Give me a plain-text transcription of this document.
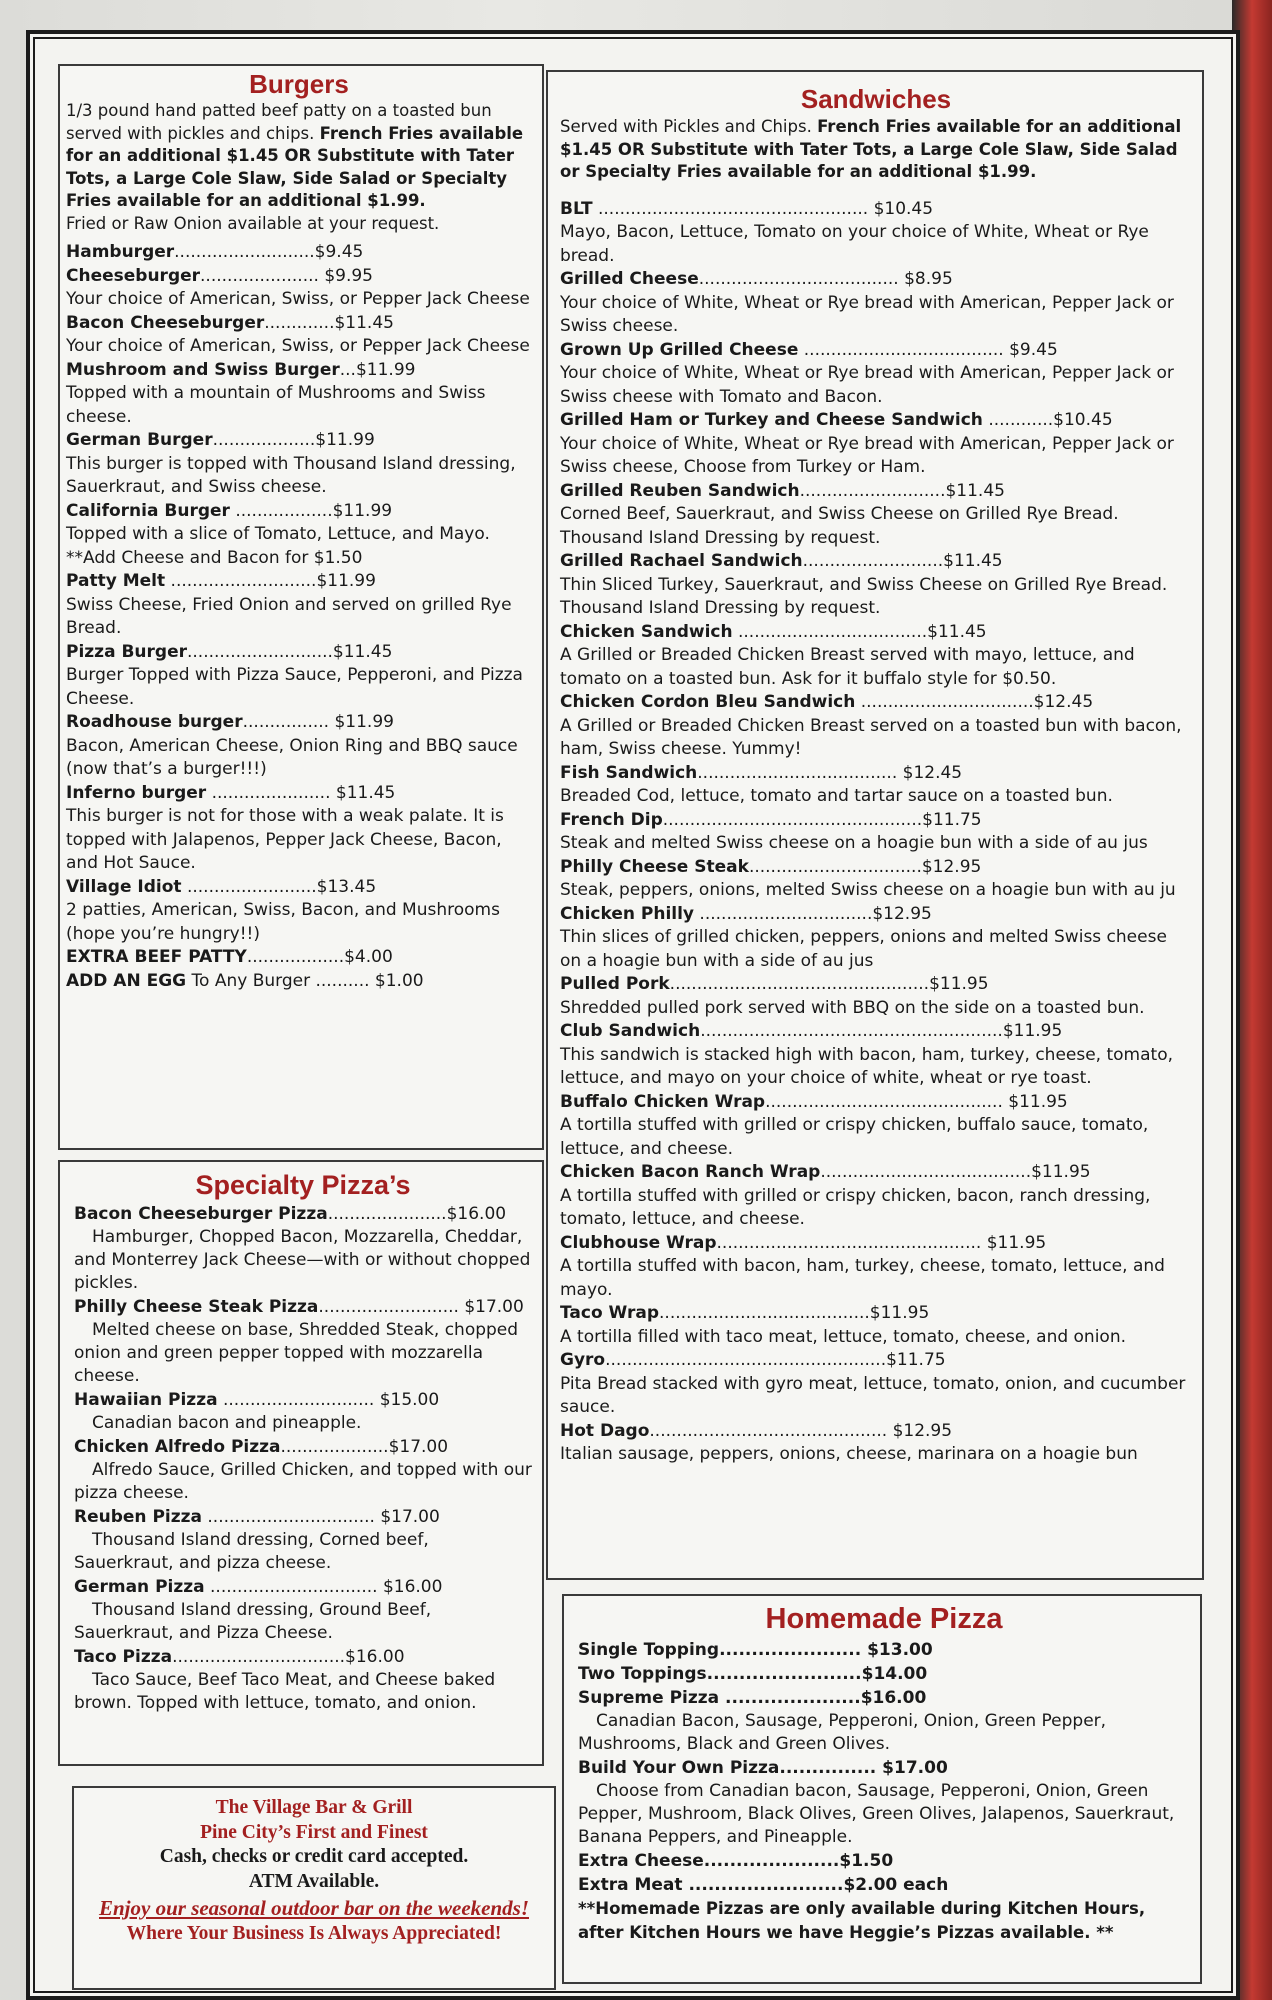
Burgers

1/3 pound hand patted beef patty on a toasted bun served with pickles and chips. French Fries available for an additional $1.45 OR Substitute with Tater Tots, a Large Cole Slaw, Side Salad or Specialty Fries available for an additional $1.99.
Fried or Raw Onion available at your request.

Hamburger..........................$9.45
Cheeseburger...................... $9.95

Your choice of American, Swiss, or Pepper Jack Cheese

Bacon Cheeseburger.............$11.45

Your choice of American, Swiss, or Pepper Jack Cheese

Mushroom and Swiss Burger...$11.99

Topped with a mountain of Mushrooms and Swiss cheese.

German Burger...................$11.99

This burger is topped with Thousand Island dressing, Sauerkraut, and Swiss cheese.

California Burger ..................$11.99

Topped with a slice of Tomato, Lettuce, and Mayo. **Add Cheese and Bacon for $1.50

Patty Melt ...........................$11.99

Swiss Cheese, Fried Onion and served on grilled Rye Bread.

Pizza Burger...........................$11.45

Burger Topped with Pizza Sauce, Pepperoni, and Pizza Cheese.

Roadhouse burger................ $11.99

Bacon, American Cheese, Onion Ring and BBQ sauce (now that’s a burger!!!)

Inferno burger ...................... $11.45

This burger is not for those with a weak palate. It is topped with Jalapenos, Pepper Jack Cheese, Bacon, and Hot Sauce.

Village Idiot ........................$13.45

2 patties, American, Swiss, Bacon, and Mushrooms (hope you’re hungry!!)

EXTRA BEEF PATTY..................$4.00
ADD AN EGG To Any Burger .......... $1.00
Specialty Pizza’s
Bacon Cheeseburger Pizza......................$16.00

Hamburger, Chopped Bacon, Mozzarella, Cheddar, and Monterrey Jack Cheese—with or without chopped pickles.

Philly Cheese Steak Pizza.......................... $17.00

Melted cheese on base, Shredded Steak, chopped onion and green pepper topped with mozzarella cheese.

Hawaiian Pizza ............................ $15.00

Canadian bacon and pineapple.

Chicken Alfredo Pizza....................$17.00

Alfredo Sauce, Grilled Chicken, and topped with our pizza cheese.

Reuben Pizza ............................... $17.00

Thousand Island dressing, Corned beef, Sauerkraut, and pizza cheese.

German Pizza ............................... $16.00

Thousand Island dressing, Ground Beef, Sauerkraut, and Pizza Cheese.

Taco Pizza................................$16.00

Taco Sauce, Beef Taco Meat, and Cheese baked brown. Topped with lettuce, tomato, and onion.

The Village Bar & Grill

Pine City’s First and Finest

Cash, checks or credit card accepted.

ATM Available.

Enjoy our seasonal outdoor bar on the weekends!

Where Your Business Is Always Appreciated!

Sandwiches

Served with Pickles and Chips. French Fries available for an additional $1.45 OR Substitute with Tater Tots, a Large Cole Slaw, Side Salad or Specialty Fries available for an additional $1.99.

BLT .................................................. $10.45

Mayo, Bacon, Lettuce, Tomato on your choice of White, Wheat or Rye bread.

Grilled Cheese..................................... $8.95

Your choice of White, Wheat or Rye bread with American, Pepper Jack or Swiss cheese.

Grown Up Grilled Cheese ..................................... $9.45

Your choice of White, Wheat or Rye bread with American, Pepper Jack or Swiss cheese with Tomato and Bacon.

Grilled Ham or Turkey and Cheese Sandwich ............$10.45

Your choice of White, Wheat or Rye bread with American, Pepper Jack or Swiss cheese, Choose from Turkey or Ham.

Grilled Reuben Sandwich...........................$11.45

Corned Beef, Sauerkraut, and Swiss Cheese on Grilled Rye Bread. Thousand Island Dressing by request.

Grilled Rachael Sandwich..........................$11.45

Thin Sliced Turkey, Sauerkraut, and Swiss Cheese on Grilled Rye Bread. Thousand Island Dressing by request.

Chicken Sandwich ...................................$11.45

A Grilled or Breaded Chicken Breast served with mayo, lettuce, and tomato on a toasted bun. Ask for it buffalo style for $0.50.

Chicken Cordon Bleu Sandwich ................................$12.45

A Grilled or Breaded Chicken Breast served on a toasted bun with bacon, ham, Swiss cheese. Yummy!

Fish Sandwich..................................... $12.45

Breaded Cod, lettuce, tomato and tartar sauce on a toasted bun.

French Dip................................................$11.75

Steak and melted Swiss cheese on a hoagie bun with a side of au jus

Philly Cheese Steak................................$12.95

Steak, peppers, onions, melted Swiss cheese on a hoagie bun with au ju

Chicken Philly ................................$12.95

Thin slices of grilled chicken, peppers, onions and melted Swiss cheese on a hoagie bun with a side of au jus

Pulled Pork................................................$11.95

Shredded pulled pork served with BBQ on the side on a toasted bun.

Club Sandwich........................................................$11.95

This sandwich is stacked high with bacon, ham, turkey, cheese, tomato, lettuce, and mayo on your choice of white, wheat or rye toast.

Buffalo Chicken Wrap............................................ $11.95

A tortilla stuffed with grilled or crispy chicken, buffalo sauce, tomato, lettuce, and cheese.

Chicken Bacon Ranch Wrap.......................................$11.95

A tortilla stuffed with grilled or crispy chicken, bacon, ranch dressing, tomato, lettuce, and cheese.

Clubhouse Wrap................................................. $11.95

A tortilla stuffed with bacon, ham, turkey, cheese, tomato, lettuce, and mayo.

Taco Wrap.......................................$11.95

A tortilla filled with taco meat, lettuce, tomato, cheese, and onion.

Gyro....................................................$11.75

Pita Bread stacked with gyro meat, lettuce, tomato, onion, and cucumber sauce.

Hot Dago............................................ $12.95

Italian sausage, peppers, onions, cheese, marinara on a hoagie bun

Homemade Pizza
Single Topping...................... $13.00
Two Toppings........................$14.00
Supreme Pizza .....................$16.00

Canadian Bacon, Sausage, Pepperoni, Onion, Green Pepper, Mushrooms, Black and Green Olives.

Build Your Own Pizza............... $17.00

Choose from Canadian bacon, Sausage, Pepperoni, Onion, Green Pepper, Mushroom, Black Olives, Green Olives, Jalapenos, Sauerkraut, Banana Peppers, and Pineapple.

Extra Cheese.....................$1.50
Extra Meat ........................$2.00 each

**Homemade Pizzas are only available during Kitchen Hours, after Kitchen Hours we have Heggie’s Pizzas available. **
